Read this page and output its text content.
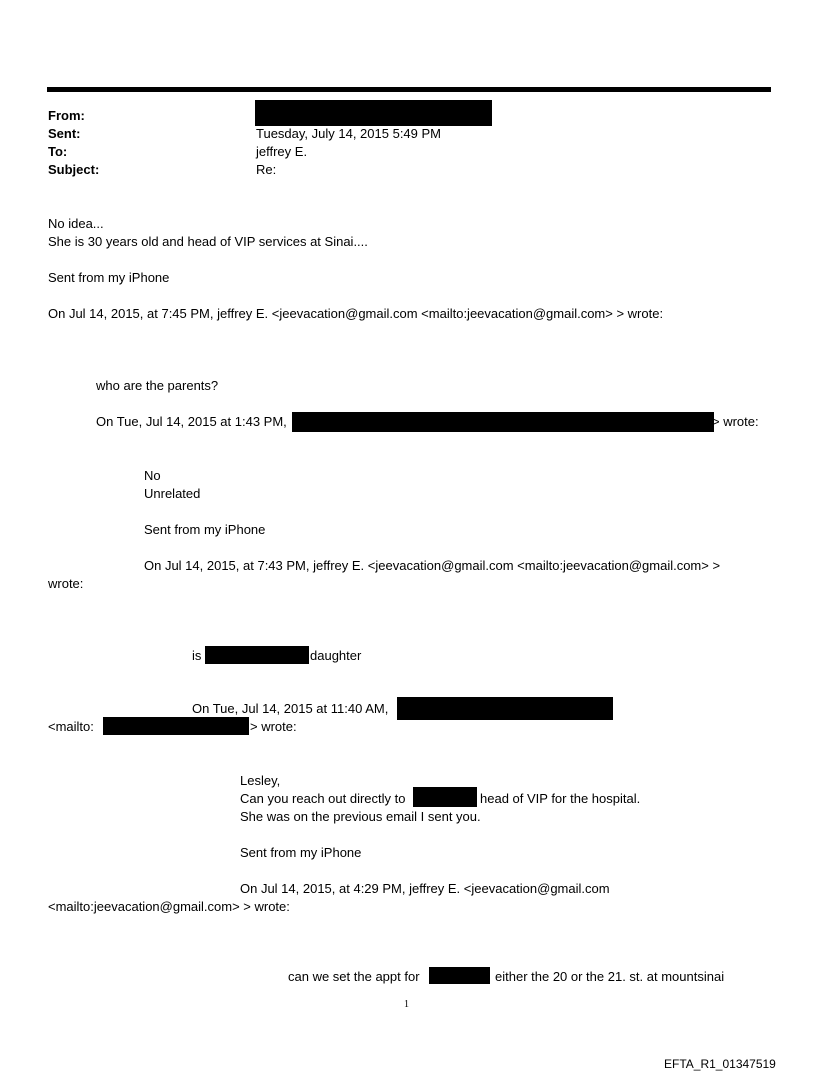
From:
Sent:	Tuesday, July 14, 2015 5:49 PM
To:	jeffrey E.
Subject:	Re:
No idea...
She is 30 years old and head of VIP services at Sinai....
Sent from my iPhone
On Jul 14, 2015, at 7:45 PM, jeffrey E. <jeevacation@gmail.com <mailto:jeevacation@gmail.com> > wrote:
who are the parents?
On Tue, Jul 14, 2015 at 1:43 PM,	> wrote:
No
Unrelated
Sent from my iPhone
On Jul 14, 2015, at 7:43 PM, jeffrey E. <jeevacation@gmail.com <mailto:jeevacation@gmail.com> >
wrote:
is	daughter
On Tue, Jul 14, 2015 at 11:40 AM,
<mailto:	> wrote:
Lesley,
Can you reach out directly to	head of VIP for the hospital.
She was on the previous email I sent you.
Sent from my iPhone
On Jul 14, 2015, at 4:29 PM, jeffrey E. <jeevacation@gmail.com
<mailto:jeevacation@gmail.com> > wrote:
can we set the appt for	either the 20 or the 21. st. at mountsinai
1
EFTA_R1_01347519
